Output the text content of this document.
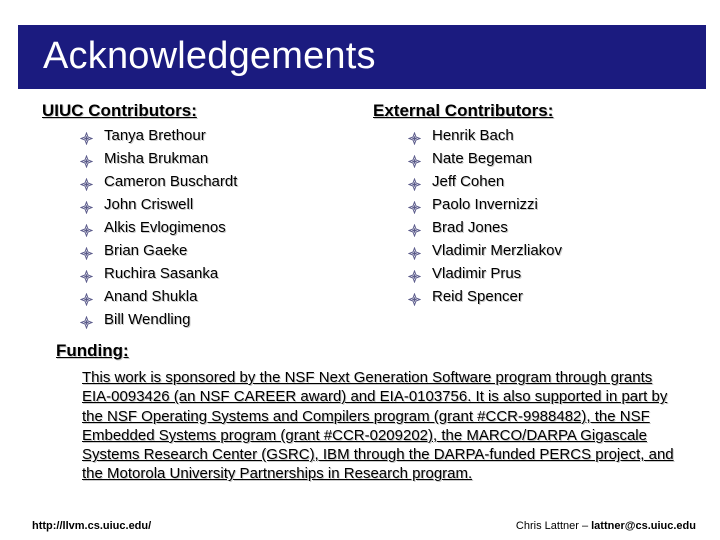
Acknowledgements
UIUC Contributors:
Tanya Brethour
Misha Brukman
Cameron Buschardt
John Criswell
Alkis Evlogimenos
Brian Gaeke
Ruchira Sasanka
Anand Shukla
Bill Wendling
External Contributors:
Henrik Bach
Nate Begeman
Jeff Cohen
Paolo Invernizzi
Brad Jones
Vladimir Merzliakov
Vladimir Prus
Reid Spencer
Funding:
This work is sponsored by the NSF Next Generation Software program through grants EIA-0093426 (an NSF CAREER award) and EIA-0103756. It is also supported in part by the NSF Operating Systems and Compilers program (grant #CCR-9988482), the NSF Embedded Systems program (grant #CCR-0209202), the MARCO/DARPA Gigascale Systems Research Center (GSRC), IBM through the DARPA-funded PERCS project, and the Motorola University Partnerships in Research program.
http://llvm.cs.uiuc.edu/	Chris Lattner – lattner@cs.uiuc.edu
